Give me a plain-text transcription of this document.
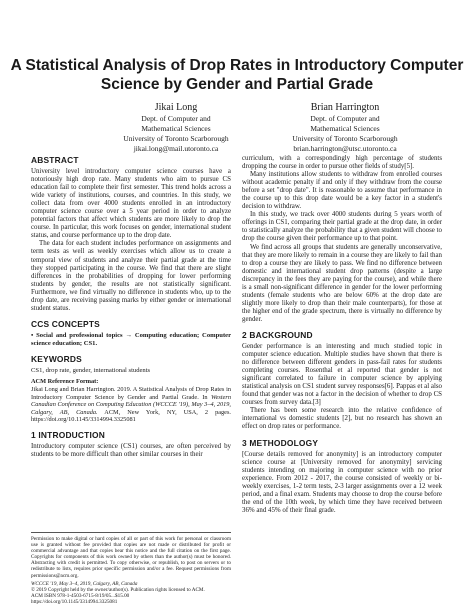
A Statistical Analysis of Drop Rates in Introductory Computer
Science by Gender and Partial Grade
Jikai Long
Dept. of Computer and
Mathematical Sciences
University of Toronto Scarborough
jikai.long@mail.utoronto.ca
Brian Harrington
Dept. of Computer and
Mathematical Sciences
University of Toronto Scarborough
brian.harrington@utsc.utoronto.ca
ABSTRACT

University level introductory computer science courses have a notoriously high drop rate. Many students who aim to pursue CS education fail to complete their first semester. This trend holds across a wide variety of institutions, courses, and countries. In this study, we collect data from over 4000 students enrolled in an introductory computer science course over a 5 year period in order to analyze potential factors that affect which students are more likely to drop the course. In particular, this work focuses on gender, international student status, and course performance up to the drop date.

The data for each student includes performance on assignments and term tests as well as weekly exercises which allow us to create a temporal view of students and analyze their partial grade at the time they stopped participating in the course. We find that there are slight differences in the probabilities of dropping for lower performing students by gender, the results are not statistically significant. Furthermore, we find virtually no difference in students who, up to the drop date, are receiving passing marks by either gender or international student status.

CCS CONCEPTS

• Social and professional topics → Computing education; Computer science education; CS1.

KEYWORDS

CS1, drop rate, gender, international students

ACM Reference Format:
Jikai Long and Brian Harrington. 2019. A Statistical Analysis of Drop Rates in Introductory Computer Science by Gender and Partial Grade. In Western Canadian Conference on Computing Education (WCCCE '19), May 3–4, 2019, Calgary, AB, Canada. ACM, New York, NY, USA, 2 pages. https://doi.org/10.1145/3314994.3325081
1 INTRODUCTION

Introductory computer science (CS1) courses, are often perceived by students to be more difficult than other similar courses in their

Permission to make digital or hard copies of all or part of this work for personal or classroom use is granted without fee provided that copies are not made or distributed for profit or commercial advantage and that copies bear this notice and the full citation on the first page. Copyrights for components of this work owned by others than the author(s) must be honored. Abstracting with credit is permitted. To copy otherwise, or republish, to post on servers or to redistribute to lists, requires prior specific permission and/or a fee. Request permissions from permissions@acm.org.

WCCCE '19, May 3–4, 2019, Calgary, AB, Canada
© 2019 Copyright held by the owner/author(s). Publication rights licensed to ACM.
ACM ISBN 978-1-4503-6715-8/19/05...$15.00
https://doi.org/10.1145/3314994.3325081

curriculum, with a correspondingly high percentage of students dropping the course in order to pursue other fields of study[5].

Many institutions allow students to withdraw from enrolled courses without academic penalty if and only if they withdraw from the course before a set "drop date". It is reasonable to assume that performance in the course up to this drop date would be a key factor in a student's decision to withdraw.

In this study, we track over 4000 students during 5 years worth of offerings in CS1, comparing their partial grade at the drop date, in order to statistically analyze the probability that a given student will choose to drop the course given their performance up to that point.

We find across all groups that students are generally unconservative, that they are more likely to remain in a course they are likely to fail than to drop a course they are likely to pass. We find no difference between domestic and international student drop patterns (despite a large discrepancy in the fees they are paying for the course), and while there is a small non-significant difference in gender for the lower performing students (female students who are below 60% at the drop date are slightly more likely to drop than their male counterparts), for those at the higher end of the grade spectrum, there is virtually no difference by gender.

2 BACKGROUND

Gender performance is an interesting and much studied topic in computer science education. Multiple studies have shown that there is no difference between different genders in pass-fail rates for students completing courses. Rosenthal et al reported that gender is not significant correlated to failure in computer science by applying statistical analysis on CS1 student survey responses[6]. Pappas et al also found that gender was not a factor in the decision of whether to drop CS courses from survey data.[3]

There has been some research into the relative confidence of international vs domestic students [2], but no research has shown an effect on drop rates or performance.

3 METHODOLOGY

[Course details removed for anonymity] is an introductory computer science course at [University removed for anonymity] servicing students intending on majoring in computer science with no prior experience. From 2012 - 2017, the course consisted of weekly or bi-weekly exercises, 1-2 term tests, 2-3 larger assignments over a 12 week period, and a final exam. Students may choose to drop the course before the end of the 10th week, by which time they have received between 36% and 45% of their final grade.
